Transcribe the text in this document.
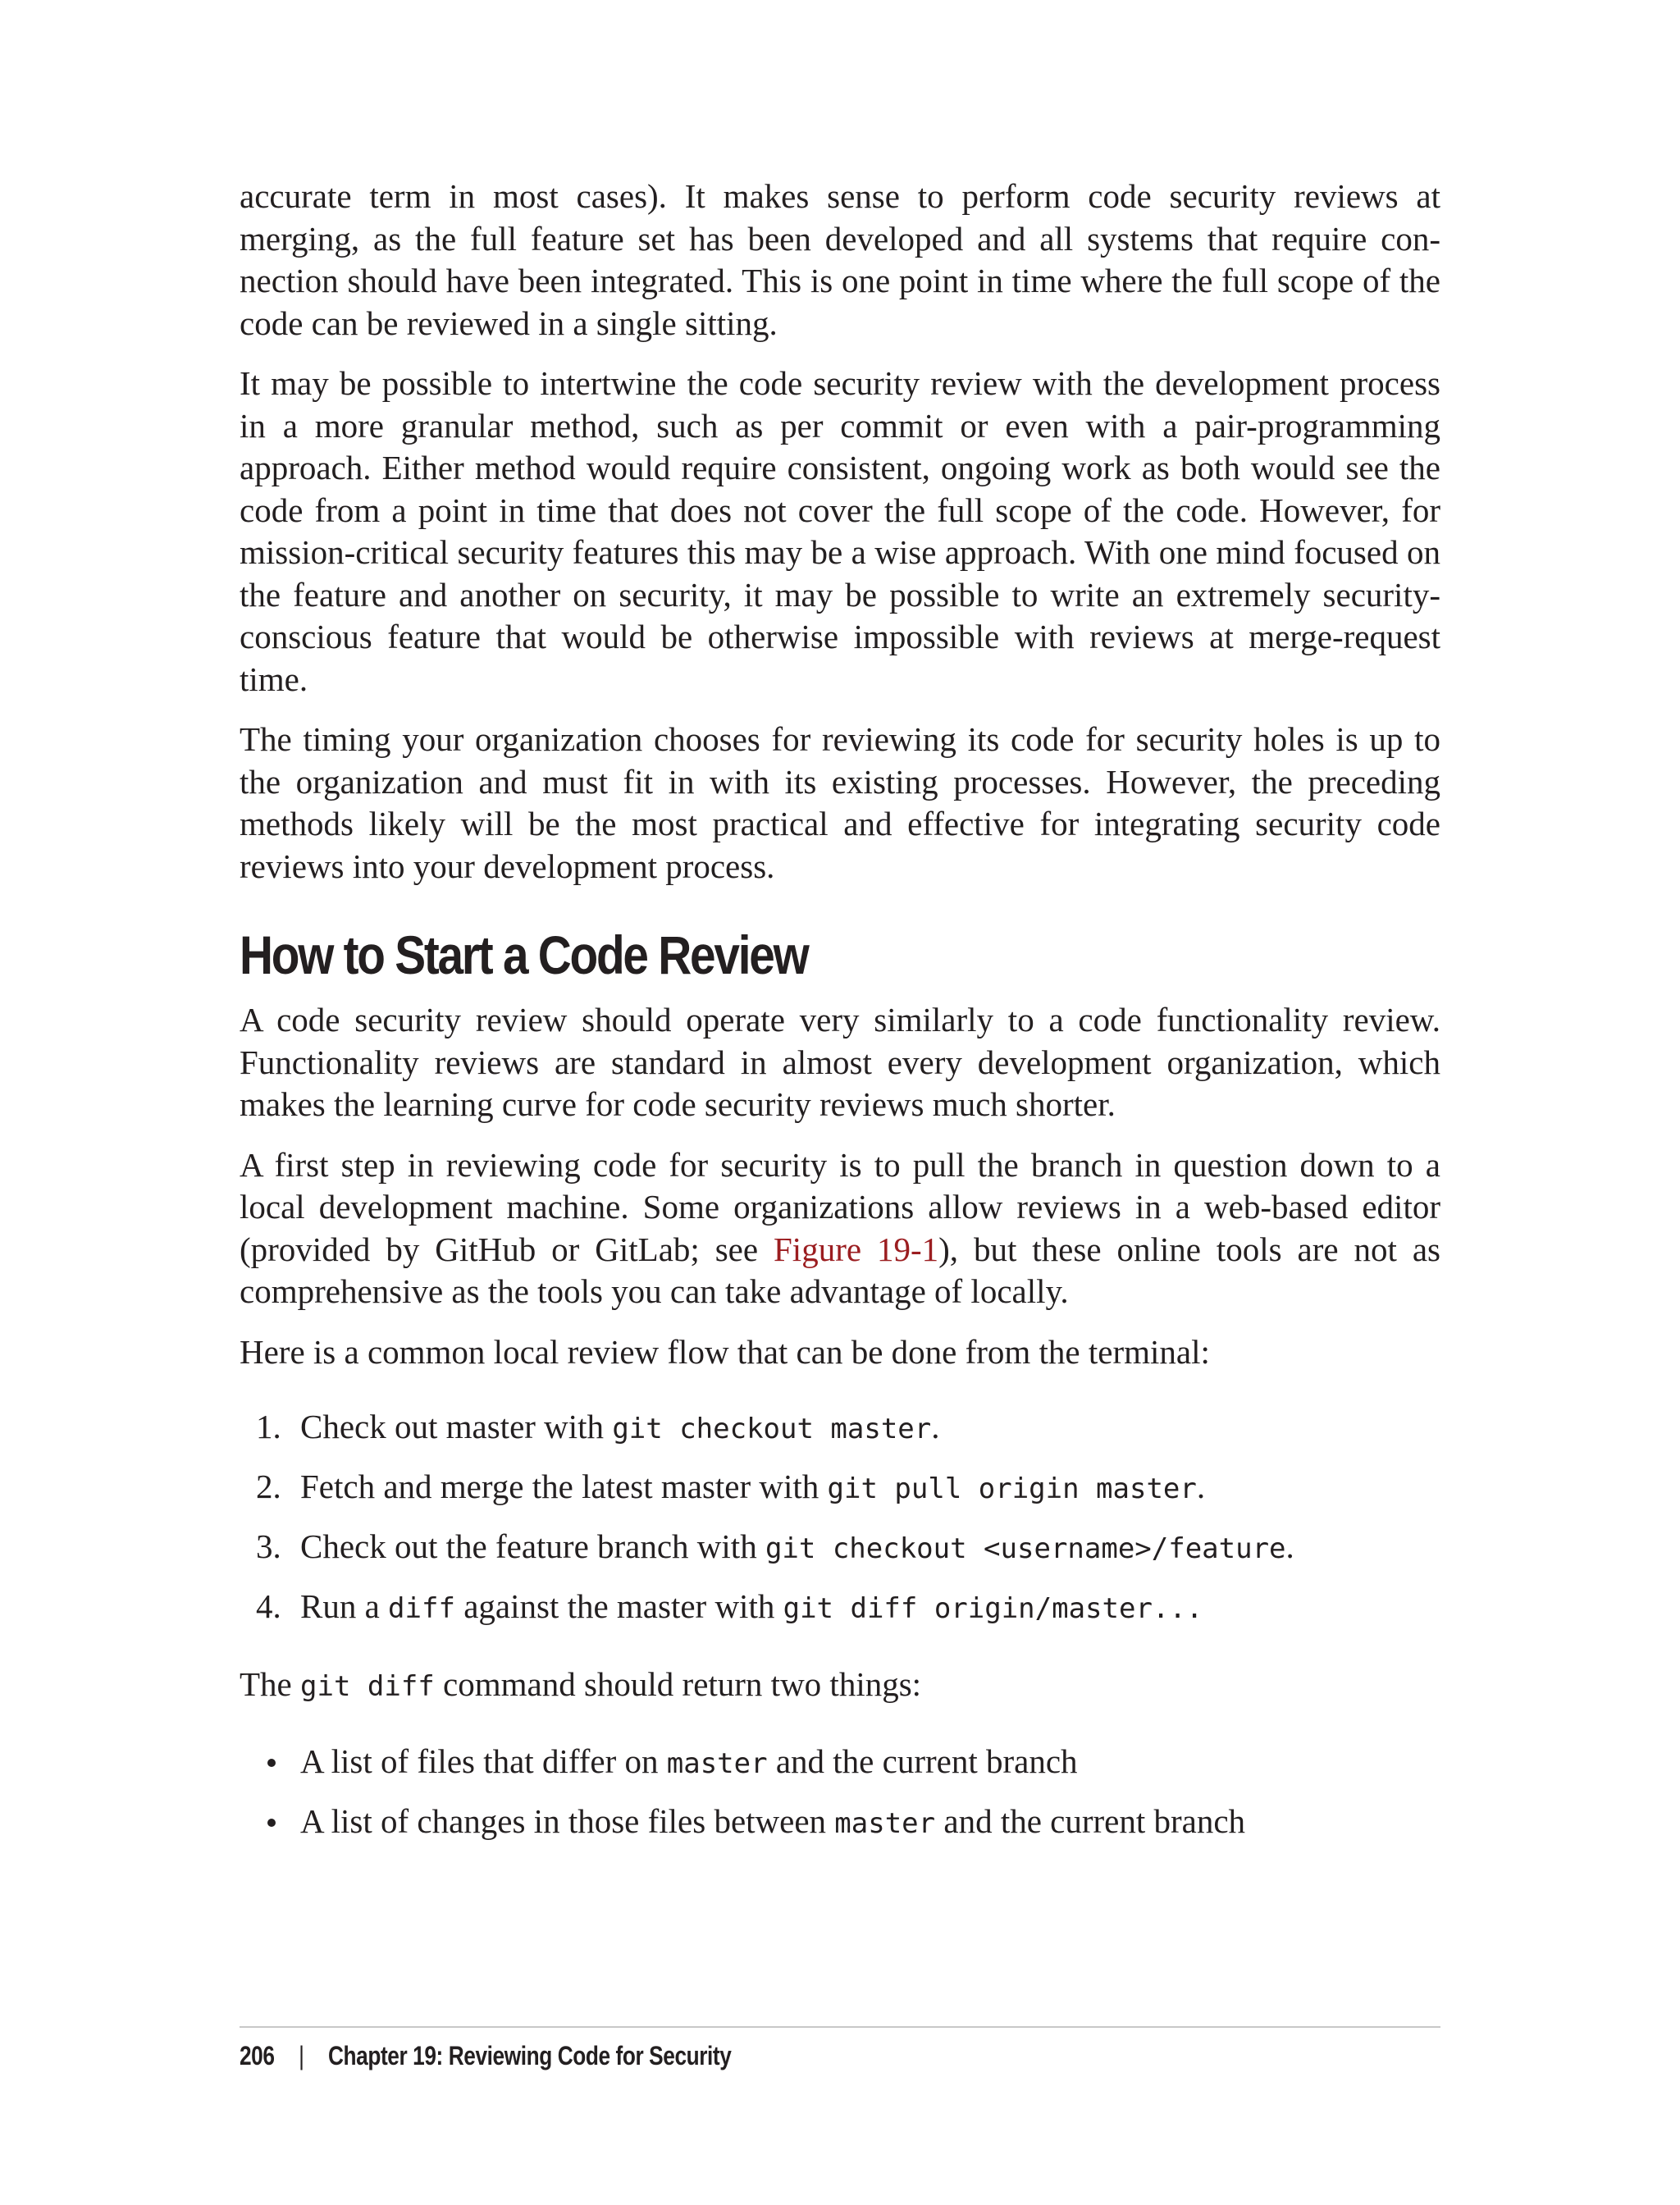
accurate term in most cases). It makes sense to perform code security reviews at merging, as the full feature set has been developed and all systems that require connection should have been integrated. This is one point in time where the full scope of the code can be reviewed in a single sitting.

It may be possible to intertwine the code security review with the development process in a more granular method, such as per commit or even with a pair-programming approach. Either method would require consistent, ongoing work as both would see the code from a point in time that does not cover the full scope of the code. However, for mission-critical security features this may be a wise approach. With one mind focused on the feature and another on security, it may be possible to write an extremely security-conscious feature that would be otherwise impossible with reviews at merge-request time.

The timing your organization chooses for reviewing its code for security holes is up to the organization and must fit in with its existing processes. However, the preceding methods likely will be the most practical and effective for integrating security code reviews into your development process.

How to Start a Code Review

A code security review should operate very similarly to a code functionality review. Functionality reviews are standard in almost every development organization, which makes the learning curve for code security reviews much shorter.

A first step in reviewing code for security is to pull the branch in question down to a local development machine. Some organizations allow reviews in a web-based editor (provided by GitHub or GitLab; see Figure 19-1), but these online tools are not as comprehensive as the tools you can take advantage of locally.

Here is a common local review flow that can be done from the terminal:

1. Check out master with git checkout master.
2. Fetch and merge the latest master with git pull origin master.
3. Check out the feature branch with git checkout <username>/feature.
4. Run a diff against the master with git diff origin/master...

The git diff command should return two things:

A list of files that differ on master and the current branch
A list of changes in those files between master and the current branch
206 | Chapter 19: Reviewing Code for Security
